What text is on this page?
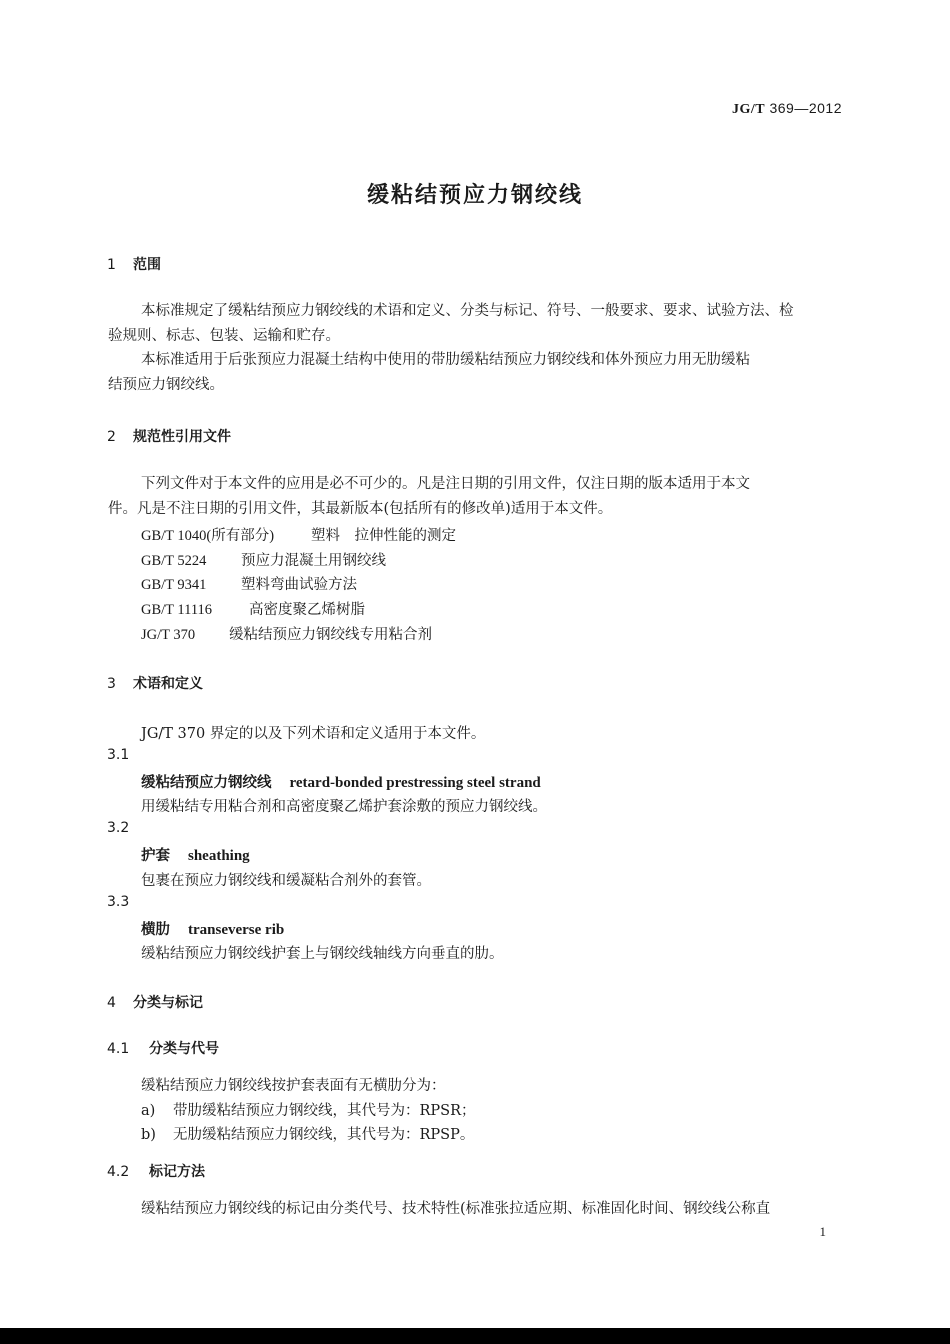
JG/T 369—2012
缓粘结预应力钢绞线
1 范围
本标准规定了缓粘结预应力钢绞线的术语和定义、分类与标记、符号、一般要求、要求、试验方法、检
验规则、标志、包装、运输和贮存。
本标准适用于后张预应力混凝土结构中使用的带肋缓粘结预应力钢绞线和体外预应力用无肋缓粘
结预应力钢绞线。
2 规范性引用文件
下列文件对于本文件的应用是必不可少的。凡是注日期的引用文件，仅注日期的版本适用于本文
件。凡是不注日期的引用文件，其最新版本(包括所有的修改单)适用于本文件。
GB/T 1040(所有部分)	塑料　拉伸性能的测定
GB/T 5224 预应力混凝土用钢绞线
GB/T 9341 塑料弯曲试验方法
GB/T 11116	高密度聚乙烯树脂
JG/T 370 缓粘结预应力钢绞线专用粘合剂
3 术语和定义
JG/T 370 界定的以及下列术语和定义适用于本文件。
3.1
缓粘结预应力钢绞线 retard-bonded prestressing steel strand
用缓粘结专用粘合剂和高密度聚乙烯护套涂敷的预应力钢绞线。
3.2
护套 sheathing
包裹在预应力钢绞线和缓凝粘合剂外的套管。
3.3
横肋 transeverse rib
缓粘结预应力钢绞线护套上与钢绞线轴线方向垂直的肋。
4 分类与标记
4.1 分类与代号
缓粘结预应力钢绞线按护套表面有无横肋分为：
a) 带肋缓粘结预应力钢绞线，其代号为：RPSR；
b) 无肋缓粘结预应力钢绞线，其代号为：RPSP。
4.2 标记方法
缓粘结预应力钢绞线的标记由分类代号、技术特性(标准张拉适应期、标准固化时间、钢绞线公称直
1
